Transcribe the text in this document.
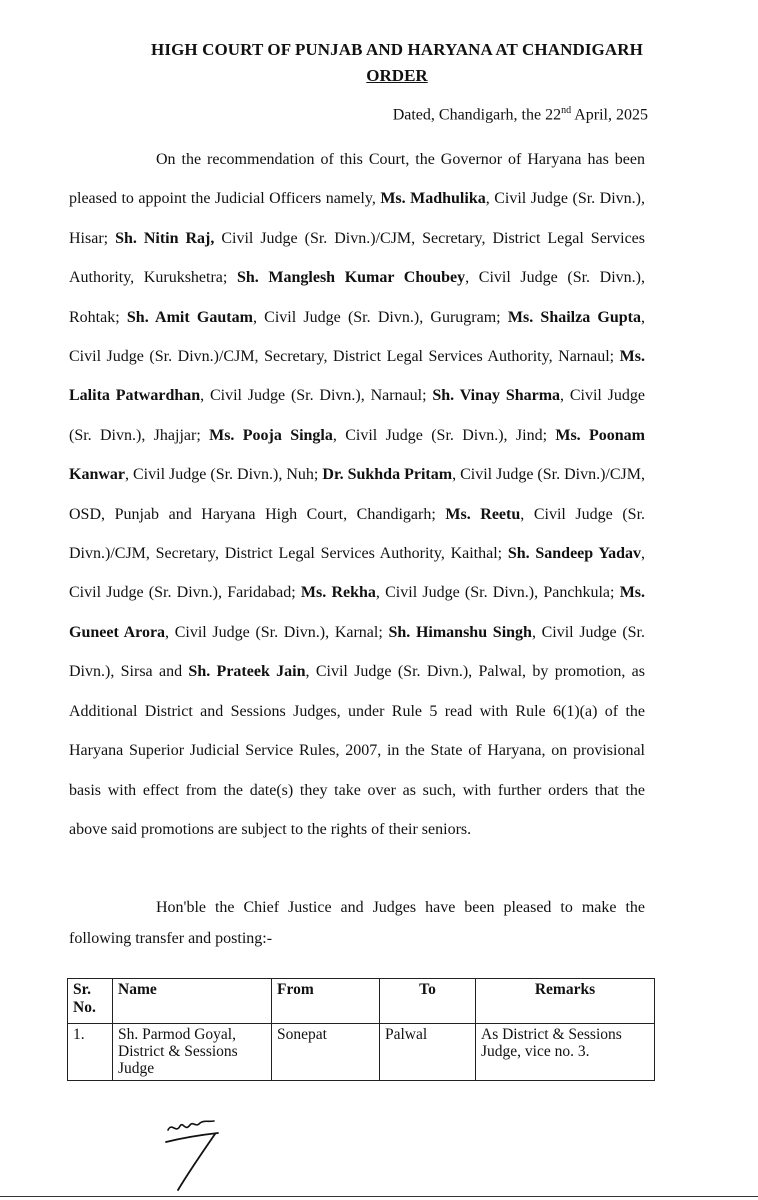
HIGH COURT OF PUNJAB AND HARYANA AT CHANDIGARH
ORDER
Dated, Chandigarh, the 22nd April, 2025
On the recommendation of this Court, the Governor of Haryana has been pleased to appoint the Judicial Officers namely, Ms. Madhulika, Civil Judge (Sr. Divn.), Hisar; Sh. Nitin Raj, Civil Judge (Sr. Divn.)/CJM, Secretary, District Legal Services Authority, Kurukshetra; Sh. Manglesh Kumar Choubey, Civil Judge (Sr. Divn.), Rohtak; Sh. Amit Gautam, Civil Judge (Sr. Divn.), Gurugram; Ms. Shailza Gupta, Civil Judge (Sr. Divn.)/CJM, Secretary, District Legal Services Authority, Narnaul; Ms. Lalita Patwardhan, Civil Judge (Sr. Divn.), Narnaul; Sh. Vinay Sharma, Civil Judge (Sr. Divn.), Jhajjar; Ms. Pooja Singla, Civil Judge (Sr. Divn.), Jind; Ms. Poonam Kanwar, Civil Judge (Sr. Divn.), Nuh; Dr. Sukhda Pritam, Civil Judge (Sr. Divn.)/CJM, OSD, Punjab and Haryana High Court, Chandigarh; Ms. Reetu, Civil Judge (Sr. Divn.)/CJM, Secretary, District Legal Services Authority, Kaithal; Sh. Sandeep Yadav, Civil Judge (Sr. Divn.), Faridabad; Ms. Rekha, Civil Judge (Sr. Divn.), Panchkula; Ms. Guneet Arora, Civil Judge (Sr. Divn.), Karnal; Sh. Himanshu Singh, Civil Judge (Sr. Divn.), Sirsa and Sh. Prateek Jain, Civil Judge (Sr. Divn.), Palwal, by promotion, as Additional District and Sessions Judges, under Rule 5 read with Rule 6(1)(a) of the Haryana Superior Judicial Service Rules, 2007, in the State of Haryana, on provisional basis with effect from the date(s) they take over as such, with further orders that the above said promotions are subject to the rights of their seniors.
Hon'ble the Chief Justice and Judges have been pleased to make the following transfer and posting:-
Sr. No.	Name	From	To	Remarks
1.	Sh. Parmod Goyal, District & Sessions Judge	Sonepat	Palwal	As District & Sessions Judge, vice no. 3.
